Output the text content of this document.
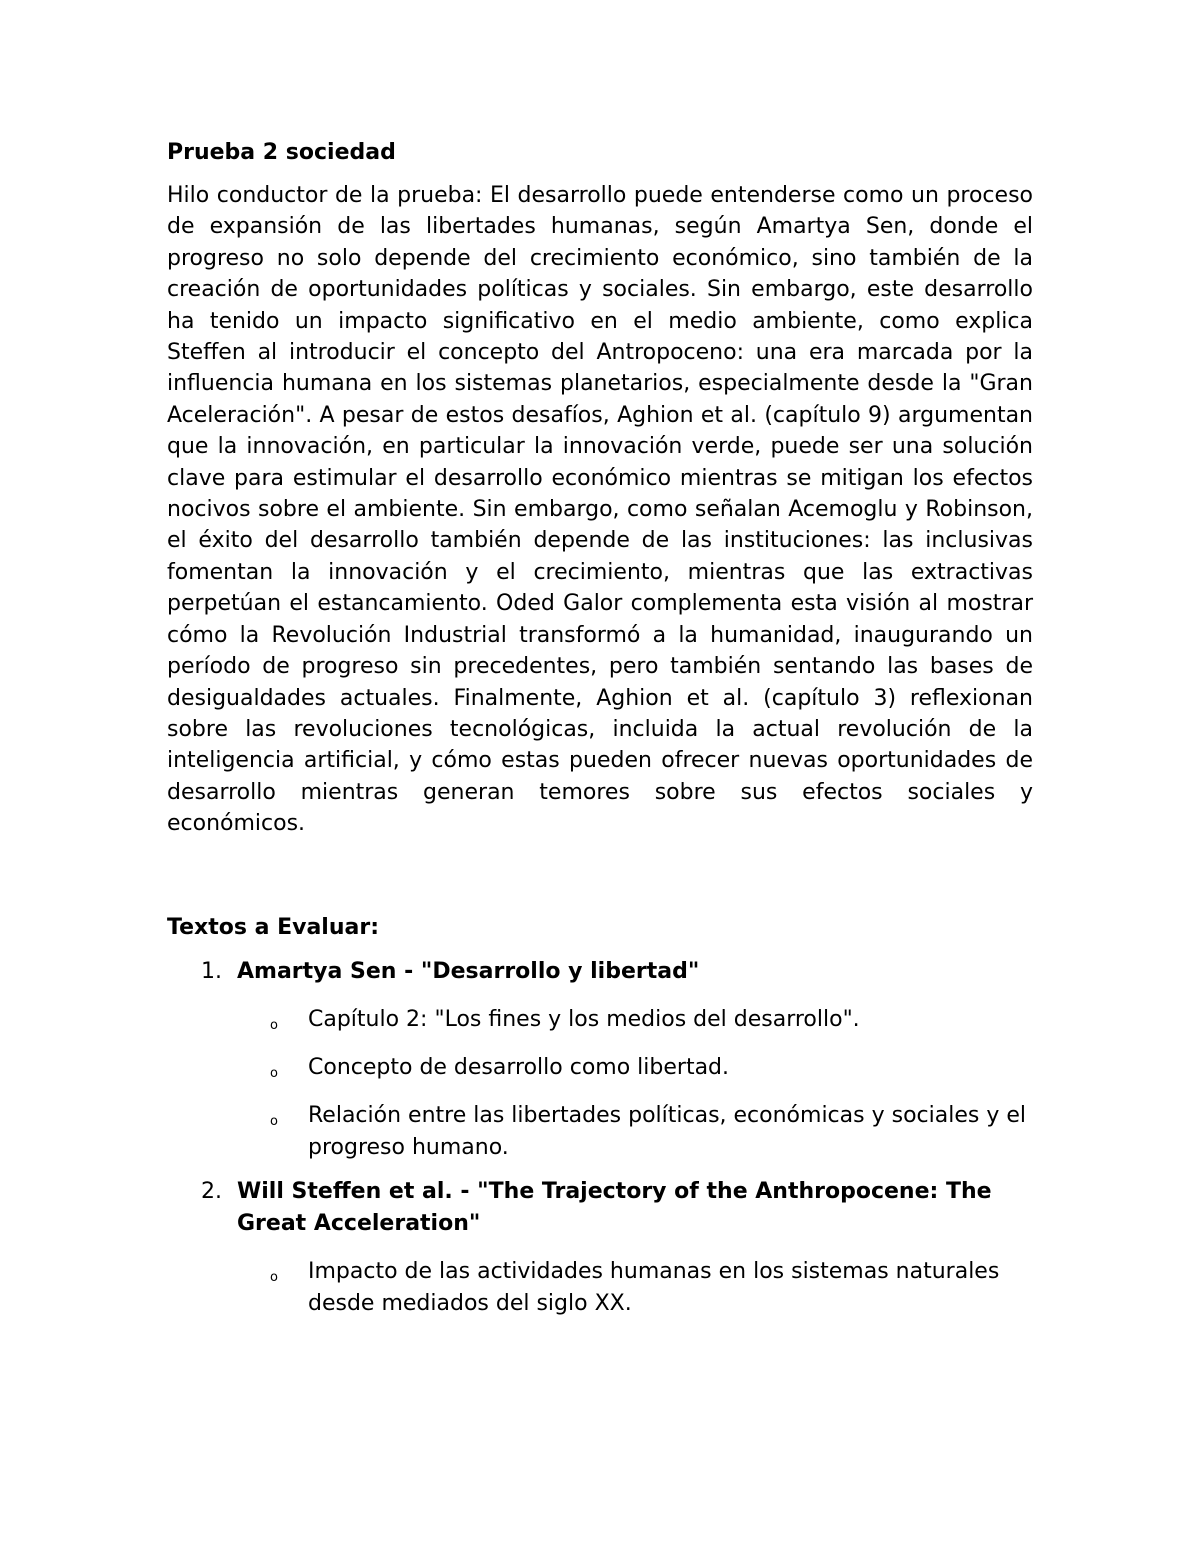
Prueba 2 sociedad

Hilo conductor de la prueba: El desarrollo puede entenderse como un proceso de expansión de las libertades humanas, según Amartya Sen, donde el progreso no solo depende del crecimiento económico, sino también de la creación de oportunidades políticas y sociales. Sin embargo, este desarrollo ha tenido un impacto significativo en el medio ambiente, como explica Steffen al introducir el concepto del Antropoceno: una era marcada por la influencia humana en los sistemas planetarios, especialmente desde la "Gran Aceleración". A pesar de estos desafíos, Aghion et al. (capítulo 9) argumentan que la innovación, en particular la innovación verde, puede ser una solución clave para estimular el desarrollo económico mientras se mitigan los efectos nocivos sobre el ambiente. Sin embargo, como señalan Acemoglu y Robinson, el éxito del desarrollo también depende de las instituciones: las inclusivas fomentan la innovación y el crecimiento, mientras que las extractivas perpetúan el estancamiento. Oded Galor complementa esta visión al mostrar cómo la Revolución Industrial transformó a la humanidad, inaugurando un período de progreso sin precedentes, pero también sentando las bases de desigualdades actuales. Finalmente, Aghion et al. (capítulo 3) reflexionan sobre las revoluciones tecnológicas, incluida la actual revolución de la inteligencia artificial, y cómo estas pueden ofrecer nuevas oportunidades de desarrollo mientras generan temores sobre sus efectos sociales y económicos.

Textos a Evaluar:
1. Amartya Sen - "Desarrollo y libertad"
o	Capítulo 2: "Los fines y los medios del desarrollo".
o	Concepto de desarrollo como libertad.
o	Relación entre las libertades políticas, económicas y sociales y el progreso humano.
2. Will Steffen et al. - "The Trajectory of the Anthropocene: The Great Acceleration"
o	Impacto de las actividades humanas en los sistemas naturales desde mediados del siglo XX.
